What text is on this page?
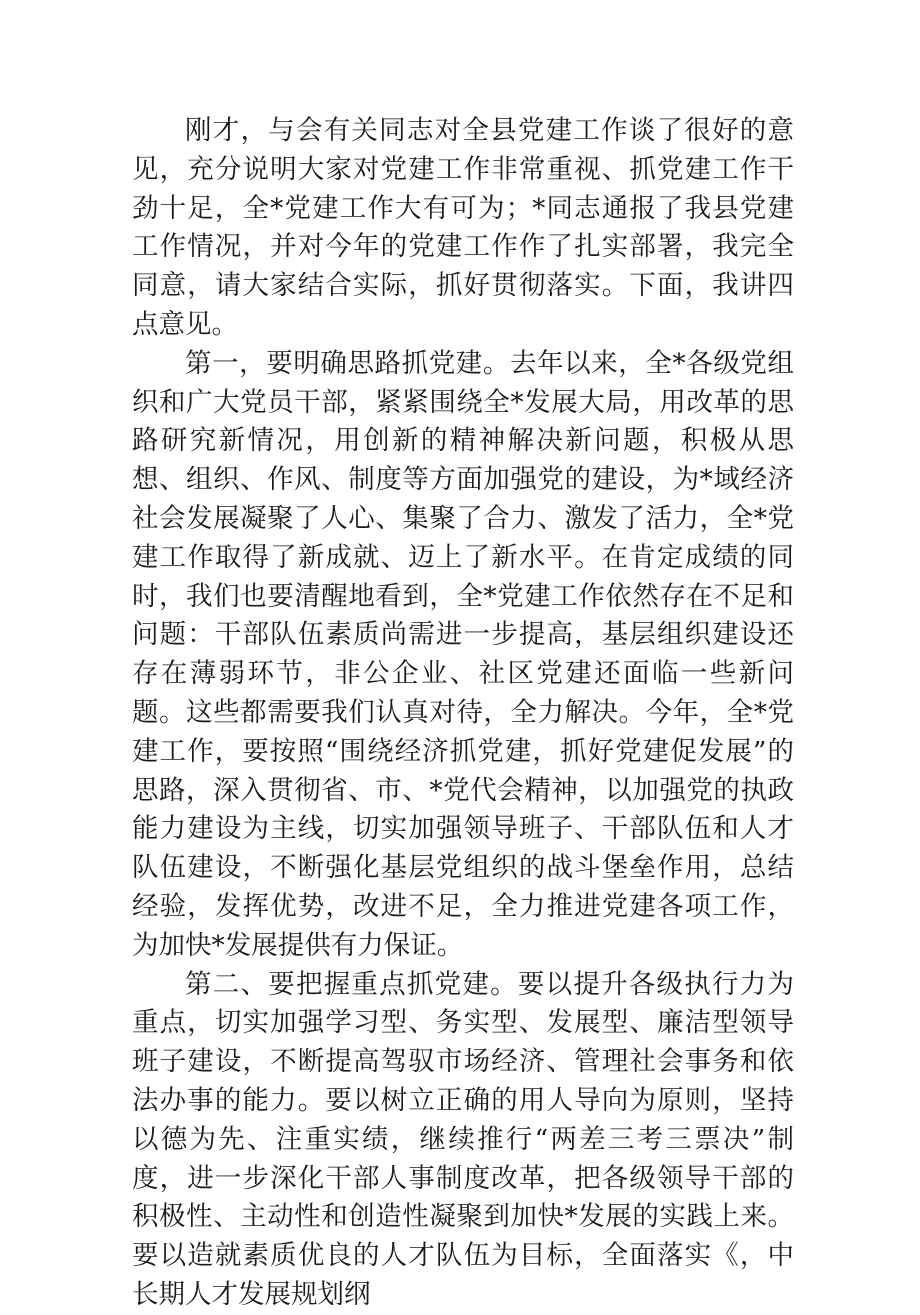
刚才，与会有关同志对全县党建工作谈了很好的意见，充分说明大家对党建工作非常重视、抓党建工作干劲十足，全*党建工作大有可为；*同志通报了我县党建工作情况，并对今年的党建工作作了扎实部署，我完全同意，请大家结合实际，抓好贯彻落实。下面，我讲四点意见。

第一，要明确思路抓党建。去年以来，全*各级党组织和广大党员干部，紧紧围绕全*发展大局，用改革的思路研究新情况，用创新的精神解决新问题，积极从思想、组织、作风、制度等方面加强党的建设，为*域经济社会发展凝聚了人心、集聚了合力、激发了活力，全*党建工作取得了新成就、迈上了新水平。在肯定成绩的同时，我们也要清醒地看到，全*党建工作依然存在不足和问题：干部队伍素质尚需进一步提高，基层组织建设还存在薄弱环节，非公企业、社区党建还面临一些新问题。这些都需要我们认真对待，全力解决。今年，全*党建工作，要按照“围绕经济抓党建，抓好党建促发展”的思路，深入贯彻省、市、*党代会精神，以加强党的执政能力建设为主线，切实加强领导班子、干部队伍和人才队伍建设，不断强化基层党组织的战斗堡垒作用，总结经验，发挥优势，改进不足，全力推进党建各项工作，为加快*发展提供有力保证。

第二、要把握重点抓党建。要以提升各级执行力为重点，切实加强学习型、务实型、发展型、廉洁型领导班子建设，不断提高驾驭市场经济、管理社会事务和依法办事的能力。要以树立正确的用人导向为原则，坚持以德为先、注重实绩，继续推行“两差三考三票决”制度，进一步深化干部人事制度改革，把各级领导干部的积极性、主动性和创造性凝聚到加快*发展的实践上来。要以造就素质优良的人才队伍为目标，全面落实《，中长期人才发展规划纲
